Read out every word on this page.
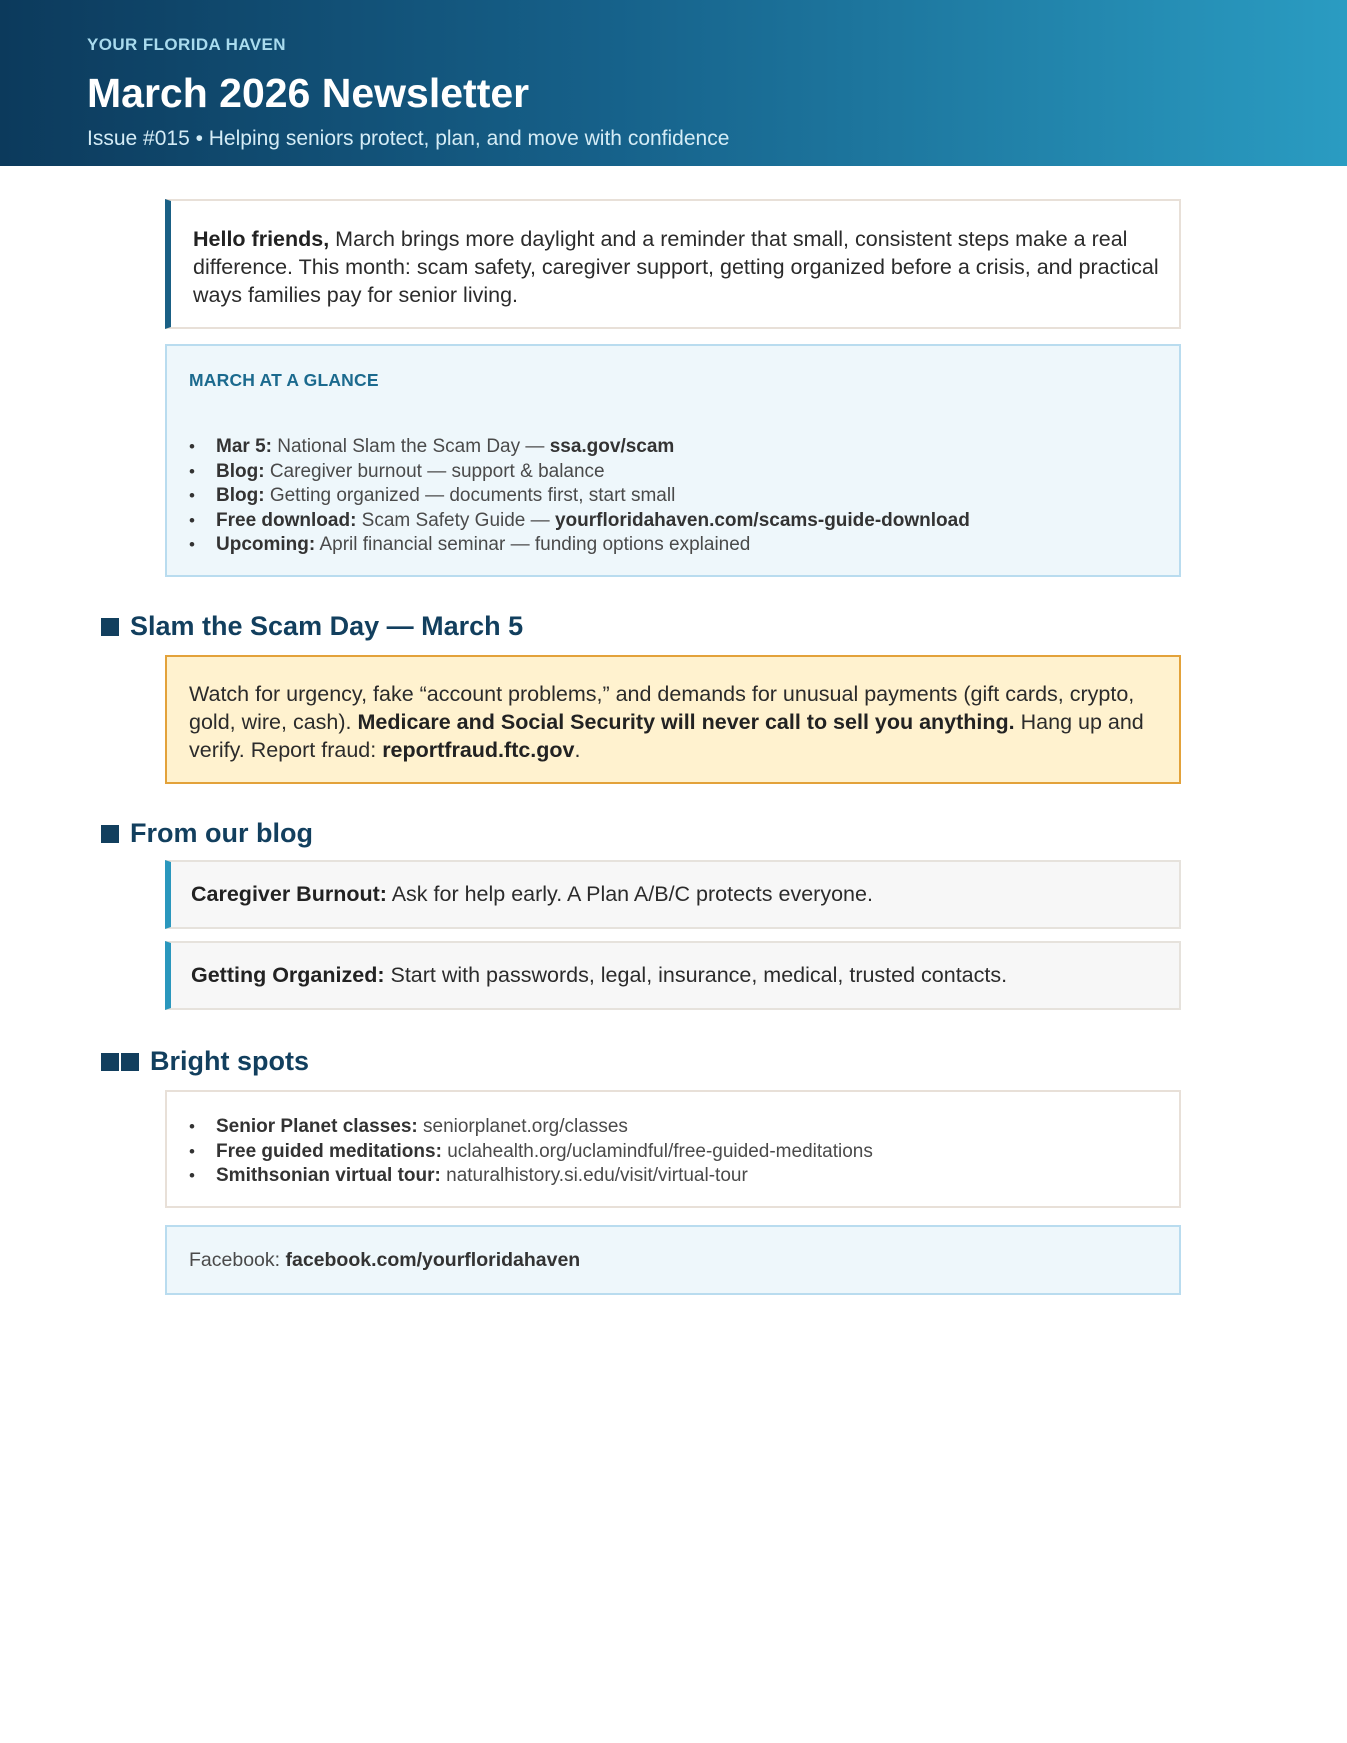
YOUR FLORIDA HAVEN
March 2026 Newsletter
Issue #015 • Helping seniors protect, plan, and move with confidence
Hello friends, March brings more daylight and a reminder that small, consistent steps make a real difference. This month: scam safety, caregiver support, getting organized before a crisis, and practical ways families pay for senior living.
MARCH AT A GLANCE
• Mar 5: National Slam the Scam Day — ssa.gov/scam
• Blog: Caregiver burnout — support & balance
• Blog: Getting organized — documents first, start small
• Free download: Scam Safety Guide — yourfloridahaven.com/scams-guide-download
• Upcoming: April financial seminar — funding options explained
Slam the Scam Day — March 5
Watch for urgency, fake “account problems,” and demands for unusual payments (gift cards, crypto, gold, wire, cash). Medicare and Social Security will never call to sell you anything. Hang up and verify. Report fraud: reportfraud.ftc.gov.
From our blog
Caregiver Burnout: Ask for help early. A Plan A/B/C protects everyone.
Getting Organized: Start with passwords, legal, insurance, medical, trusted contacts.
Bright spots
• Senior Planet classes: seniorplanet.org/classes
• Free guided meditations: uclahealth.org/uclamindful/free-guided-meditations
• Smithsonian virtual tour: naturalhistory.si.edu/visit/virtual-tour
Facebook: facebook.com/yourfloridahaven
